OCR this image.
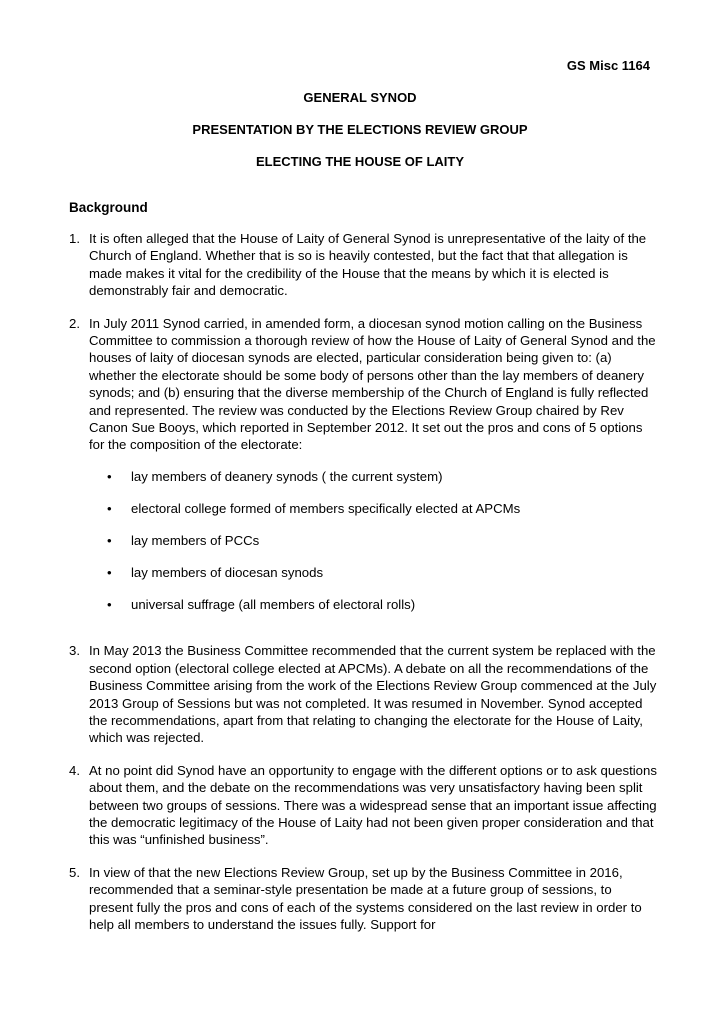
GS Misc 1164
GENERAL SYNOD
PRESENTATION BY THE ELECTIONS REVIEW GROUP
ELECTING THE HOUSE OF LAITY
Background
1. It is often alleged that the House of Laity of General Synod is unrepresentative of the laity of the Church of England. Whether that is so is heavily contested, but the fact that that allegation is made makes it vital for the credibility of the House that the means by which it is elected is demonstrably fair and democratic.
2. In July 2011 Synod carried, in amended form, a diocesan synod motion calling on the Business Committee to commission a thorough review of how the House of Laity of General Synod and the houses of laity of diocesan synods are elected, particular consideration being given to: (a) whether the electorate should be some body of persons other than the lay members of deanery synods; and (b) ensuring that the diverse membership of the Church of England is fully reflected and represented. The review was conducted by the Elections Review Group chaired by Rev Canon Sue Booys, which reported in September 2012. It set out the pros and cons of 5 options for the composition of the electorate:
•	lay members of deanery synods ( the current system)
•	electoral college formed of members specifically elected at APCMs
•	lay members of PCCs
•	lay members of diocesan synods
•	universal suffrage (all members of electoral rolls)
3. In May 2013 the Business Committee recommended that the current system be replaced with the second option (electoral college elected at APCMs). A debate on all the recommendations of the Business Committee arising from the work of the Elections Review Group commenced at the July 2013 Group of Sessions but was not completed. It was resumed in November. Synod accepted the recommendations, apart from that relating to changing the electorate for the House of Laity, which was rejected.
4. At no point did Synod have an opportunity to engage with the different options or to ask questions about them, and the debate on the recommendations was very unsatisfactory having been split between two groups of sessions. There was a widespread sense that an important issue affecting the democratic legitimacy of the House of Laity had not been given proper consideration and that this was “unfinished business”.
5. In view of that the new Elections Review Group, set up by the Business Committee in 2016, recommended that a seminar-style presentation be made at a future group of sessions, to present fully the pros and cons of each of the systems considered on the last review in order to help all members to understand the issues fully. Support for
